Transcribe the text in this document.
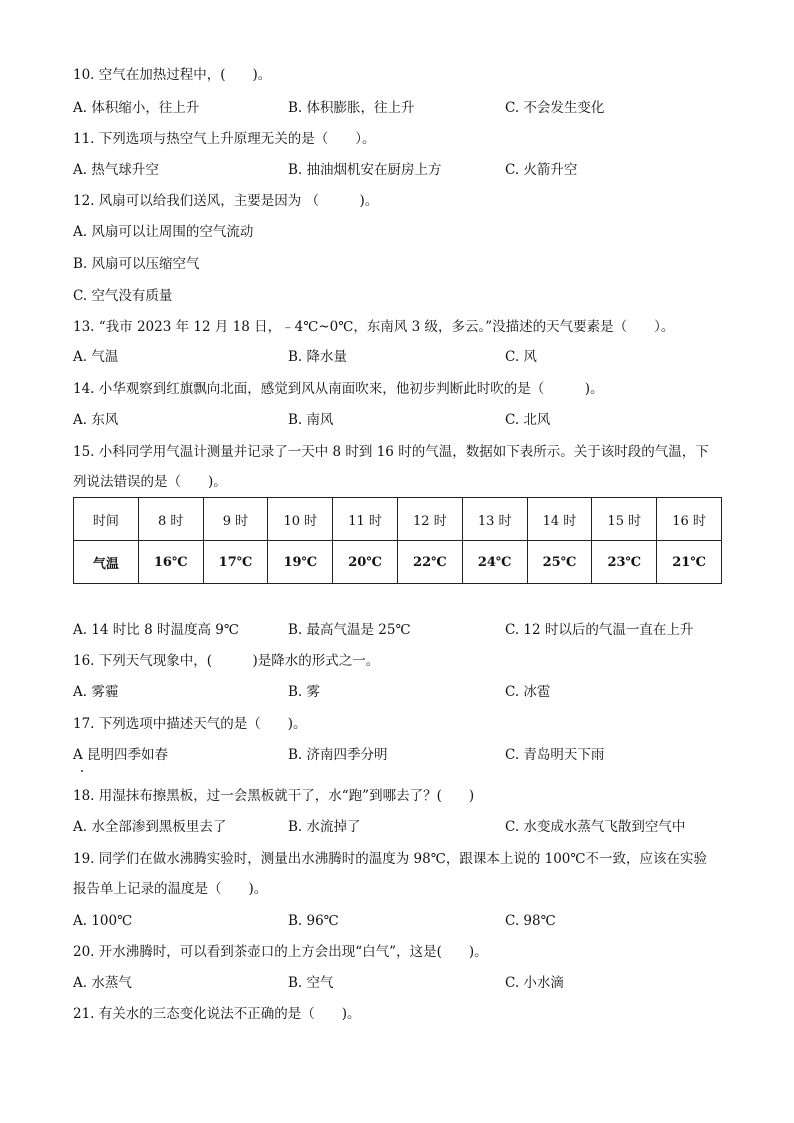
10. 空气在加热过程中，(　　)。
A. 体积缩小，往上升	B. 体积膨胀，往上升	C. 不会发生变化
11. 下列选项与热空气上升原理无关的是（　　）。
A. 热气球升空	B. 抽油烟机安在厨房上方	C. 火箭升空
12. 风扇可以给我们送风，主要是因为 （　　　)。
A. 风扇可以让周围的空气流动
B. 风扇可以压缩空气
C. 空气没有质量
13. “我市 2023 年 12 月 18 日，﹣4℃~0℃，东南风 3 级，多云。”没描述的天气要素是（　　）。
A. 气温	B. 降水量	C. 风
14. 小华观察到红旗飘向北面，感觉到风从南面吹来，他初步判断此时吹的是（　　　)。
A. 东风	B. 南风	C. 北风
15. 小科同学用气温计测量并记录了一天中 8 时到 16 时的气温，数据如下表所示。关于该时段的气温，下
列说法错误的是（　　)。
时间	8 时	9 时	10 时	11 时	12 时	13 时	14 时	15 时	16 时
气温	16℃	17℃	19℃	20℃	22℃	24℃	25℃	23℃	21℃
A. 14 时比 8 时温度高 9℃	B. 最高气温是 25℃	C. 12 时以后的气温一直在上升
16. 下列天气现象中，(　　　)是降水的形式之一。
A. 雾霾	B. 雾	C. 冰雹
17. 下列选项中描述天气的是（　　)。
A 昆明四季如春	B. 济南四季分明	C. 青岛明天下雨
18. 用湿抹布擦黑板，过一会黑板就干了，水“跑”到哪去了？(　　)
A. 水全部渗到黑板里去了	B. 水流掉了	C. 水变成水蒸气飞散到空气中
19. 同学们在做水沸腾实验时，测量出水沸腾时的温度为 98℃，跟课本上说的 100℃不一致，应该在实验
报告单上记录的温度是（　　)。
A. 100℃	B. 96℃	C. 98℃
20. 开水沸腾时，可以看到茶壶口的上方会出现“白气”，这是(　　)。
A. 水蒸气	B. 空气	C. 小水滴
21. 有关水的三态变化说法不正确的是（　　)。
